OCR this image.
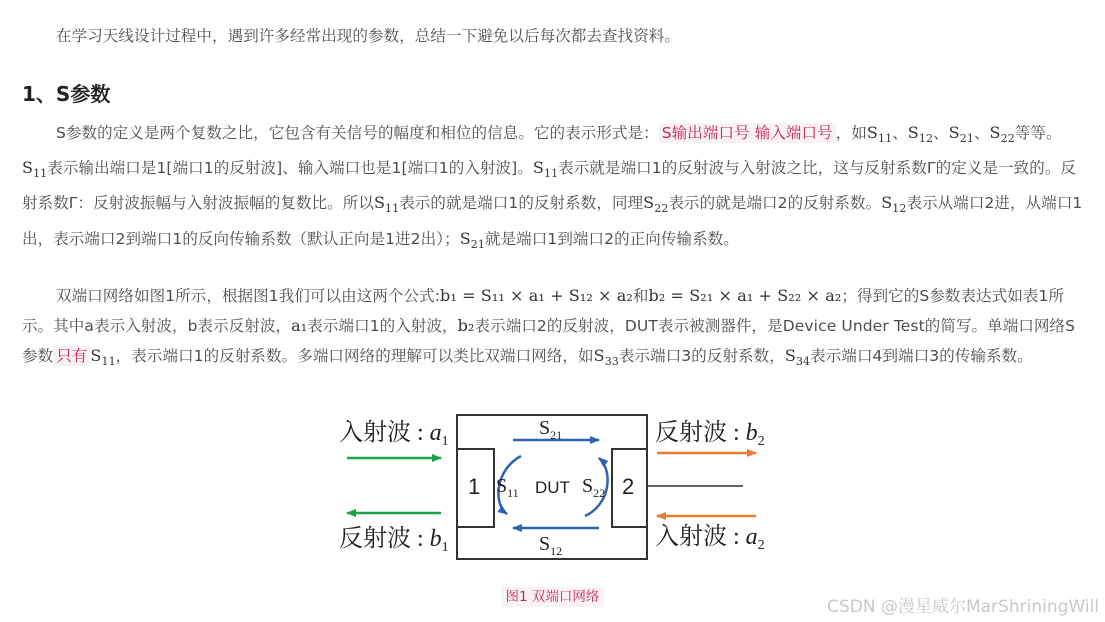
在学习天线设计过程中，遇到许多经常出现的参数，总结一下避免以后每次都去查找资料。

1、S参数

S参数的定义是两个复数之比，它包含有关信号的幅度和相位的信息。它的表示形式是： S输出端口号 输入端口号 ，如$S_{11}$、$S_{12}$、$S_{21}$、$S_{22}$等等。$S_{11}$表示输出端口是1[端口1的反射波]、输入端口也是1[端口1的入射波]。$S_{11}$表示就是端口1的反射波与入射波之比，这与反射系数Γ的定义是一致的。反射系数Γ：反射波振幅与入射波振幅的复数比。所以$S_{11}$表示的就是端口1的反射系数，同理$S_{22}$表示的就是端口2的反射系数。$S_{12}$表示从端口2进，从端口1出，表示端口2到端口1的反向传输系数（默认正向是1进2出）；$S_{21}$就是端口1到端口2的正向传输系数。

双端口网络如图1所示，根据图1我们可以由这两个公式:b₁ = S₁₁ × a₁ + S₁₂ × a₂和b₂ = S₂₁ × a₁ + S₂₂ × a₂；得到它的S参数表达式如表1所示。其中a表示入射波，b表示反射波，a₁表示端口1的入射波，b₂表示端口2的反射波，DUT表示被测器件，是Device Under Test的简写。单端口网络S参数 只有 $S_{11}$，表示端口1的反射系数。多端口网络的理解可以类比双端口网络，如$S_{33}$表示端口3的反射系数，$S_{34}$表示端口4到端口3的传输系数。

入射波 : $a_1$
反射波 : $b_1$
反射波 : $b_2$
入射波 : $a_2$
1	2
DUT
$S_{21}$
$S_{12}$
$S_{11}$	$S_{22}$
图1 双端口网络	CSDN @漫星威尔MarShriningWill
